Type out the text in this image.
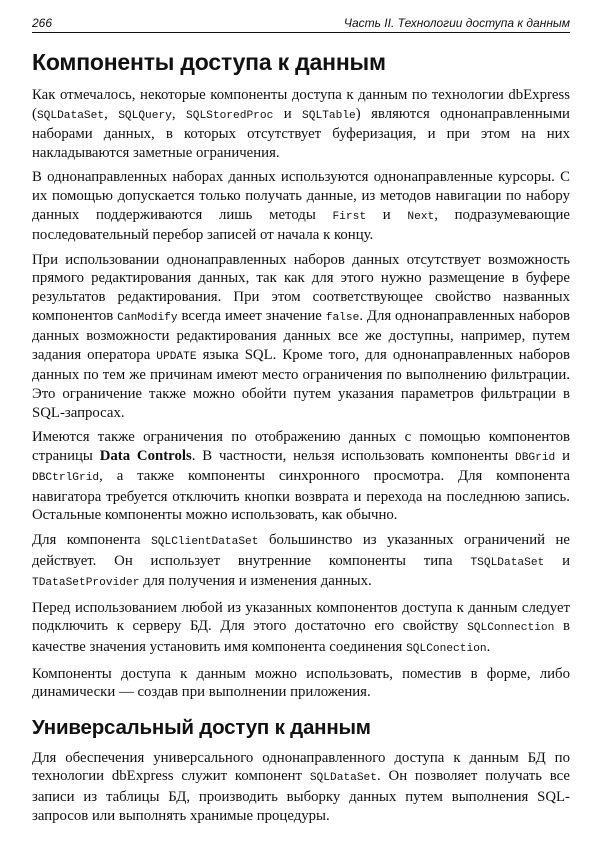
266	Часть II. Технологии доступа к данным
Компоненты доступа к данным

Как отмечалось, некоторые компоненты доступа к данным по технологии dbExpress (SQLDataSet, SQLQuery, SQLStoredProc и SQLTable) являются однонаправленными наборами данных, в которых отсутствует буферизация, и при этом на них накладываются заметные ограничения.

В однонаправленных наборах данных используются однонаправленные курсоры. С их помощью допускается только получать данные, из методов навигации по набору данных поддерживаются лишь методы First и Next, подразумевающие последовательный перебор записей от начала к концу.

При использовании однонаправленных наборов данных отсутствует возможность прямого редактирования данных, так как для этого нужно размещение в буфере результатов редактирования. При этом соответствующее свойство названных компонентов CanModify всегда имеет значение false. Для однонаправленных наборов данных возможности редактирования данных все же доступны, например, путем задания оператора UPDATE языка SQL. Кроме того, для однонаправленных наборов данных по тем же причинам имеют место ограничения по выполнению фильтрации. Это ограничение также можно обойти путем указания параметров фильтрации в SQL-запросах.

Имеются также ограничения по отображению данных с помощью компонентов страницы Data Controls. В частности, нельзя использовать компоненты DBGrid и DBCtrlGrid, а также компоненты синхронного просмотра. Для компонента навигатора требуется отключить кнопки возврата и перехода на последнюю запись. Остальные компоненты можно использовать, как обычно.

Для компонента SQLClientDataSet большинство из указанных ограничений не действует. Он использует внутренние компоненты типа TSQLDataSet и TDataSetProvider для получения и изменения данных.

Перед использованием любой из указанных компонентов доступа к данным следует подключить к серверу БД. Для этого достаточно его свойству SQLConnection в качестве значения установить имя компонента соединения SQLConection.

Компоненты доступа к данным можно использовать, поместив в форме, либо динамически — создав при выполнении приложения.

Универсальный доступ к данным

Для обеспечения универсального однонаправленного доступа к данным БД по технологии dbExpress служит компонент SQLDataSet. Он позволяет получать все записи из таблицы БД, производить выборку данных путем выполнения SQL-запросов или выполнять хранимые процедуры.
